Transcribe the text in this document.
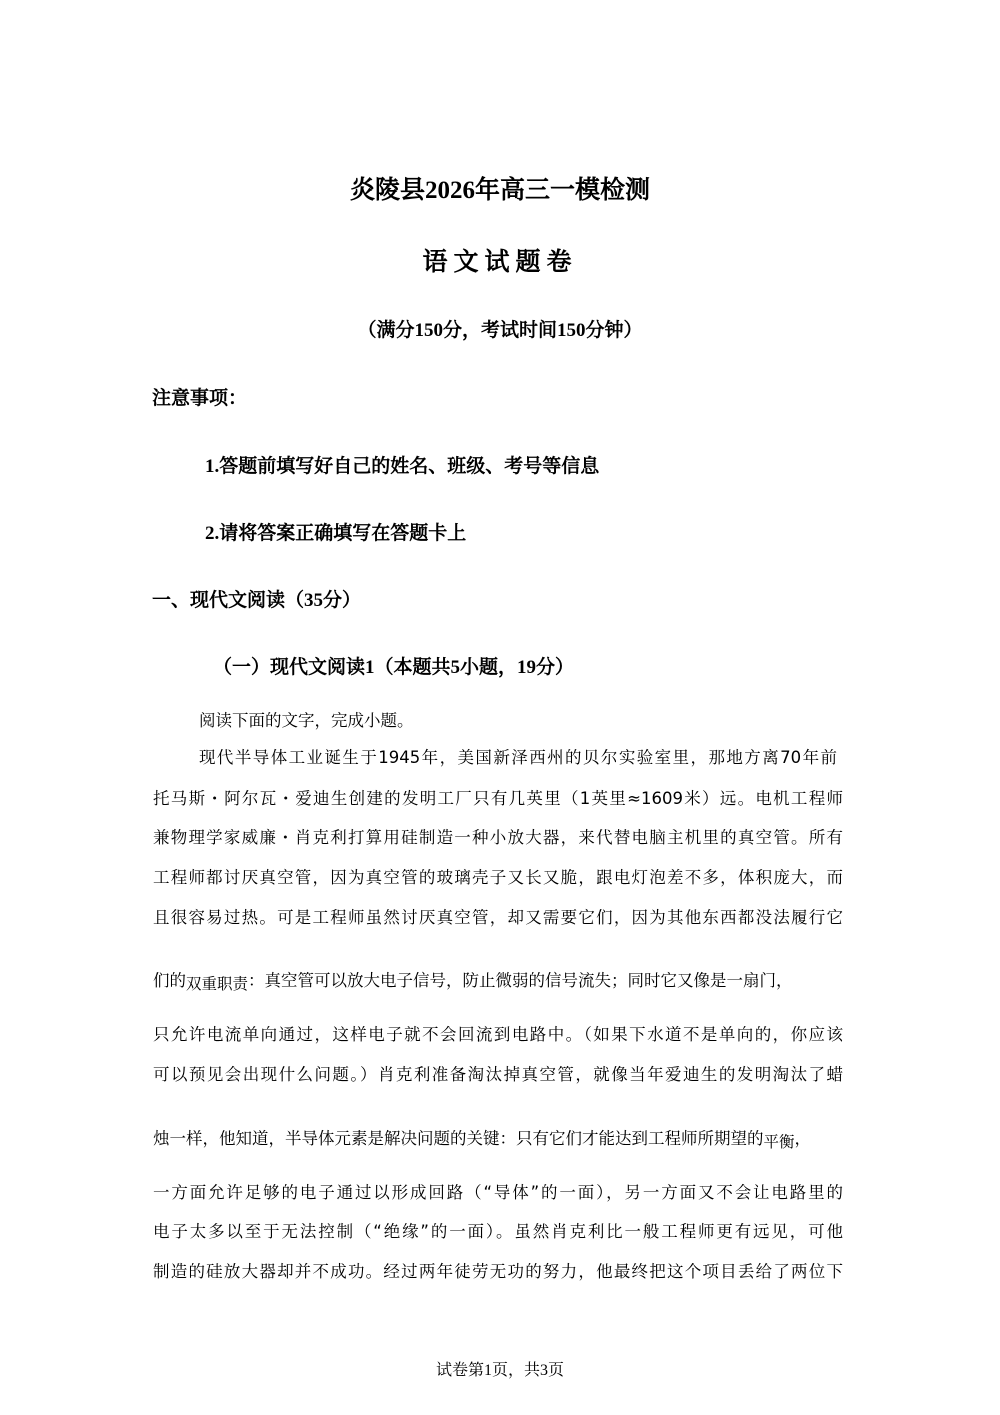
炎陵县2026年高三一模检测
语文试题卷
（满分150分，考试时间150分钟）
注意事项：
1.答题前填写好自己的姓名、班级、考号等信息
2.请将答案正确填写在答题卡上
一、现代文阅读（35分）
（一）现代文阅读1（本题共5小题，19分）
阅读下面的文字，完成小题。
现代半导体工业诞生于1945年，美国新泽西州的贝尔实验室里，那地方离70年前
托马斯・阿尔瓦・爱迪生创建的发明工厂只有几英里（1英里≈1609米）远。电机工程师
兼物理学家威廉・肖克利打算用硅制造一种小放大器，来代替电脑主机里的真空管。所有
工程师都讨厌真空管，因为真空管的玻璃壳子又长又脆，跟电灯泡差不多，体积庞大，而
且很容易过热。可是工程师虽然讨厌真空管，却又需要它们，因为其他东西都没法履行它
们的双重职责：真空管可以放大电子信号，防止微弱的信号流失；同时它又像是一扇门，
只允许电流单向通过，这样电子就不会回流到电路中。（如果下水道不是单向的，你应该
可以预见会出现什么问题。）肖克利准备淘汰掉真空管，就像当年爱迪生的发明淘汰了蜡
烛一样，他知道，半导体元素是解决问题的关键：只有它们才能达到工程师所期望的平衡，
一方面允许足够的电子通过以形成回路（“导体”的一面），另一方面又不会让电路里的
电子太多以至于无法控制（“绝缘”的一面）。虽然肖克利比一般工程师更有远见，可他
制造的硅放大器却并不成功。经过两年徒劳无功的努力，他最终把这个项目丢给了两位下
试卷第1页，共3页
